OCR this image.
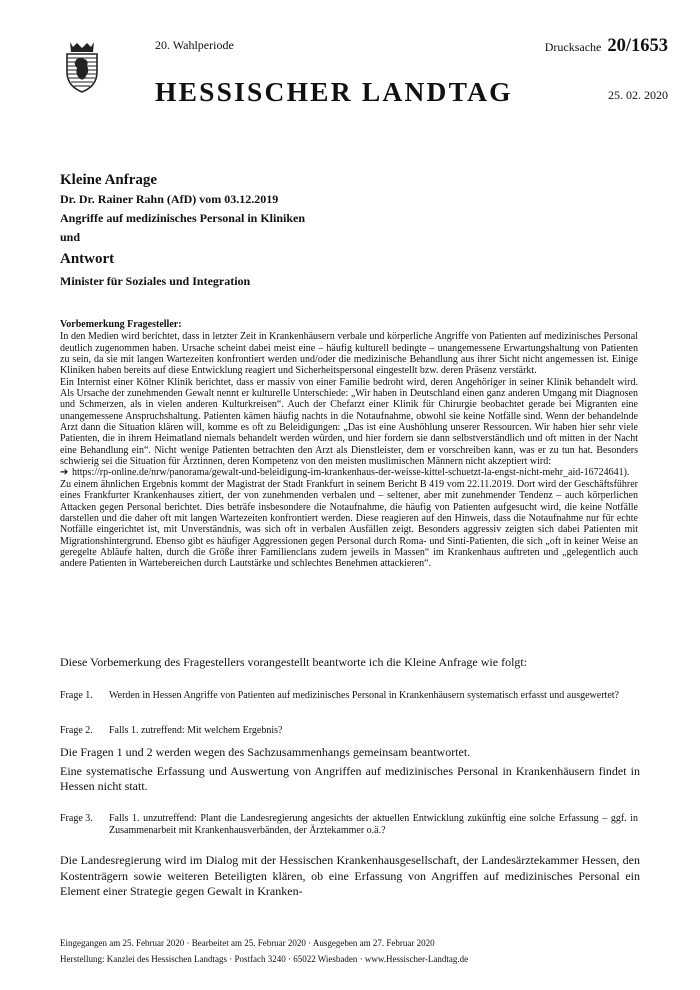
20. Wahlperiode
HESSISCHER LANDTAG
Drucksache 20/1653
25. 02. 2020

Kleine Anfrage

Dr. Dr. Rainer Rahn (AfD) vom 03.12.2019

Angriffe auf medizinisches Personal in Kliniken

und

Antwort

Minister für Soziales und Integration

Vorbemerkung Fragesteller:

In den Medien wird berichtet, dass in letzter Zeit in Krankenhäusern verbale und körperliche Angriffe von Patienten auf medizinisches Personal deutlich zugenommen haben. Ursache scheint dabei meist eine – häufig kulturell bedingte – unangemessene Erwartungshaltung von Patienten zu sein, da sie mit langen Wartezeiten konfrontiert werden und/oder die medizinische Behandlung aus ihrer Sicht nicht angemessen ist. Einige Kliniken haben bereits auf diese Entwicklung reagiert und Sicherheitspersonal eingestellt bzw. deren Präsenz verstärkt.

Ein Internist einer Kölner Klinik berichtet, dass er massiv von einer Familie bedroht wird, deren Angehöriger in seiner Klinik behandelt wird. Als Ursache der zunehmenden Gewalt nennt er kulturelle Unterschiede: „Wir haben in Deutschland einen ganz anderen Umgang mit Diagnosen und Schmerzen, als in vielen anderen Kulturkreisen“. Auch der Chefarzt einer Klinik für Chirurgie beobachtet gerade bei Migranten eine unangemessene Anspruchshaltung. Patienten kämen häufig nachts in die Notaufnahme, obwohl sie keine Notfälle sind. Wenn der behandelnde Arzt dann die Situation klären will, komme es oft zu Beleidigungen: „Das ist eine Aushöhlung unserer Ressourcen. Wir haben hier sehr viele Patienten, die in ihrem Heimatland niemals behandelt werden würden, und hier fordern sie dann selbstverständlich und oft mitten in der Nacht eine Behandlung ein“. Nicht wenige Patienten betrachten den Arzt als Dienstleister, dem er vorschreiben kann, was er zu tun hat. Besonders schwierig sei die Situation für Ärztinnen, deren Kompetenz von den meisten muslimischen Männern nicht akzeptiert wird:

➔ https://rp-online.de/nrw/panorama/gewalt-und-beleidigung-im-krankenhaus-der-weisse-kittel-schuetzt-la-engst-nicht-mehr_aid-16724641).

Zu einem ähnlichen Ergebnis kommt der Magistrat der Stadt Frankfurt in seinem Bericht B 419 vom 22.11.2019. Dort wird der Geschäftsführer eines Frankfurter Krankenhauses zitiert, der von zunehmenden verbalen und – seltener, aber mit zunehmender Tendenz – auch körperlichen Attacken gegen Personal berichtet. Dies beträfe insbesondere die Notaufnahme, die häufig von Patienten aufgesucht wird, die keine Notfälle darstellen und die daher oft mit langen Wartezeiten konfrontiert werden. Diese reagieren auf den Hinweis, dass die Notaufnahme nur für echte Notfälle eingerichtet ist, mit Unverständnis, was sich oft in verbalen Ausfällen zeigt. Besonders aggressiv zeigten sich dabei Patienten mit Migrationshintergrund. Ebenso gibt es häufiger Aggressionen gegen Personal durch Roma- und Sinti-Patienten, die sich „oft in keiner Weise an geregelte Abläufe halten, durch die Größe ihrer Familienclans zudem jeweils in Massen“ im Krankenhaus auftreten und „gelegentlich auch andere Patienten in Wartebereichen durch Lautstärke und schlechtes Benehmen attackieren“.

Diese Vorbemerkung des Fragestellers vorangestellt beantworte ich die Kleine Anfrage wie folgt:

Frage 1. Werden in Hessen Angriffe von Patienten auf medizinisches Personal in Krankenhäusern systematisch erfasst und ausgewertet?
Frage 2. Falls 1. zutreffend: Mit welchem Ergebnis?

Die Fragen 1 und 2 werden wegen des Sachzusammenhangs gemeinsam beantwortet.

Eine systematische Erfassung und Auswertung von Angriffen auf medizinisches Personal in Krankenhäusern findet in Hessen nicht statt.

Frage 3. Falls 1. unzutreffend: Plant die Landesregierung angesichts der aktuellen Entwicklung zukünftig eine solche Erfassung – ggf. in Zusammenarbeit mit Krankenhausverbänden, der Ärztekammer o.ä.?

Die Landesregierung wird im Dialog mit der Hessischen Krankenhausgesellschaft, der Landesärztekammer Hessen, den Kostenträgern sowie weiteren Beteiligten klären, ob eine Erfassung von Angriffen auf medizinisches Personal ein Element einer Strategie gegen Gewalt in Kranken-

Eingegangen am 25. Februar 2020 · Bearbeitet am 25. Februar 2020 · Ausgegeben am 27. Februar 2020
Herstellung: Kanzlei des Hessischen Landtags · Postfach 3240 · 65022 Wiesbaden · www.Hessischer-Landtag.de
